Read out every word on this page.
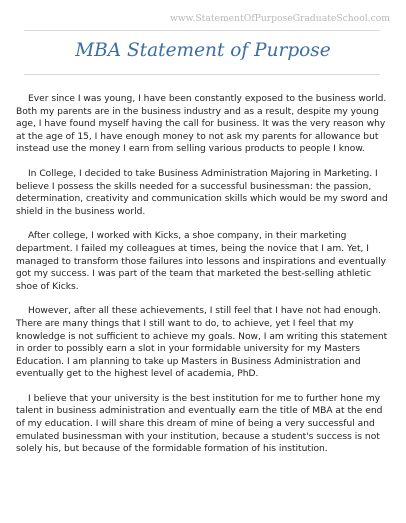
www.StatementOfPurposeGraduateSchool.com
MBA Statement of Purpose

Ever since I was young, I have been constantly exposed to the business world. Both my parents are in the business industry and as a result, despite my young age, I have found myself having the call for business. It was the very reason why at the age of 15, I have enough money to not ask my parents for allowance but instead use the money I earn from selling various products to people I know.

In College, I decided to take Business Administration Majoring in Marketing. I believe I possess the skills needed for a successful businessman: the passion, determination, creativity and communication skills which would be my sword and shield in the business world.

After college, I worked with Kicks, a shoe company, in their marketing department. I failed my colleagues at times, being the novice that I am. Yet, I managed to transform those failures into lessons and inspirations and eventually got my success. I was part of the team that marketed the best-selling athletic shoe of Kicks.

However, after all these achievements, I still feel that I have not had enough. There are many things that I still want to do, to achieve, yet I feel that my knowledge is not sufficient to achieve my goals. Now, I am writing this statement in order to possibly earn a slot in your formidable university for my Masters Education. I am planning to take up Masters in Business Administration and eventually get to the highest level of academia, PhD.

I believe that your university is the best institution for me to further hone my talent in business administration and eventually earn the title of MBA at the end of my education. I will share this dream of mine of being a very successful and emulated businessman with your institution, because a student's success is not solely his, but because of the formidable formation of his institution.
